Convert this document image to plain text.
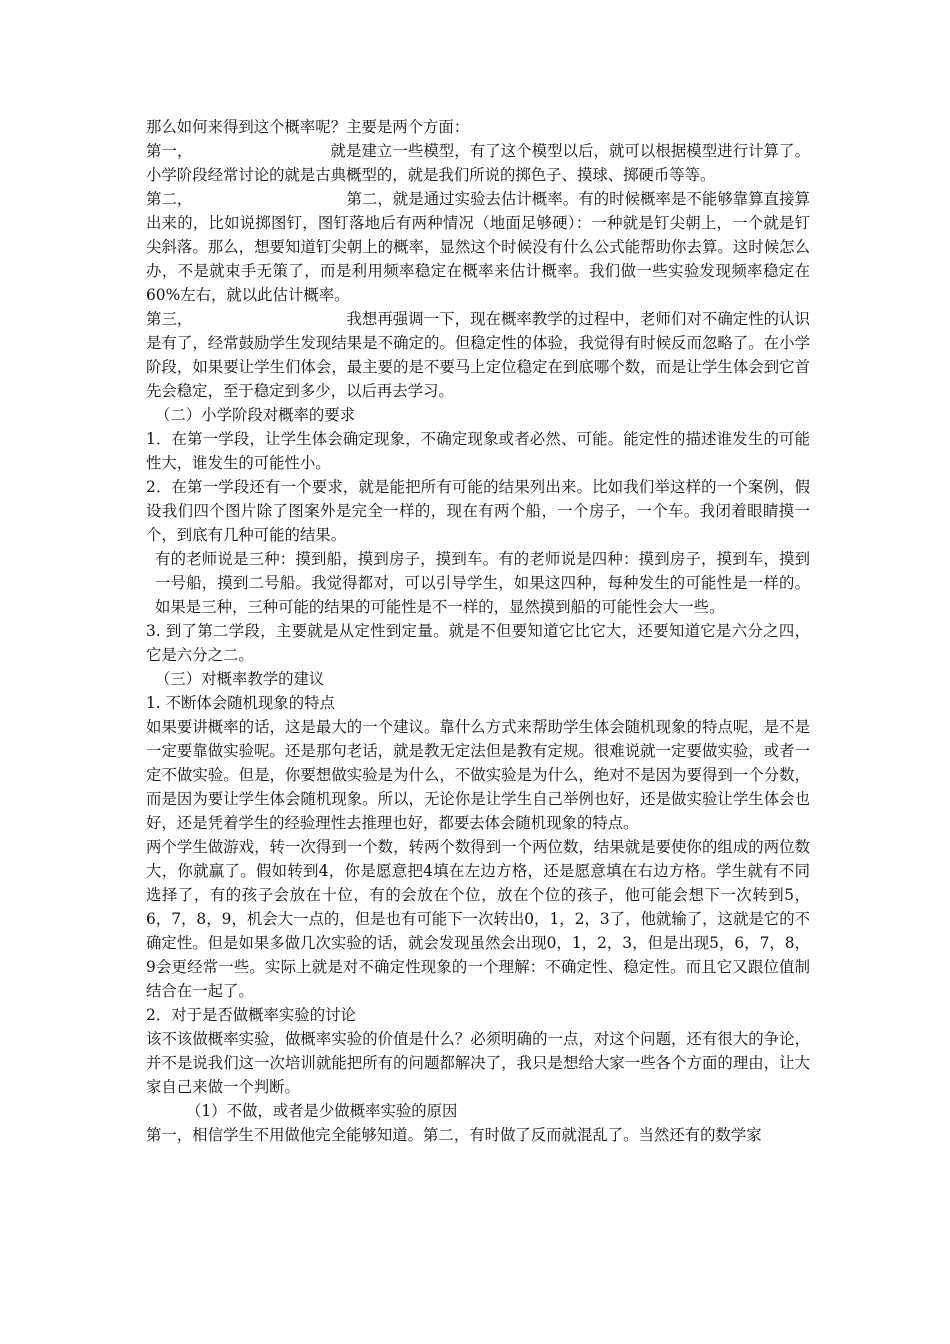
那么如何来得到这个概率呢？主要是两个方面：

第一，	就是建立一些模型，有了这个模型以后，就可以根据模型进行计算了。小学阶段经常讨论的就是古典概型的，就是我们所说的掷色子、摸球、掷硬币等等。

第二，	第二，就是通过实验去估计概率。有的时候概率是不能够靠算直接算出来的，比如说掷图钉，图钉落地后有两种情况（地面足够硬）：一种就是钉尖朝上，一个就是钉尖斜落。那么，想要知道钉尖朝上的概率，显然这个时候没有什么公式能帮助你去算。这时候怎么办，不是就束手无策了，而是利用频率稳定在概率来估计概率。我们做一些实验发现频率稳定在60%左右，就以此估计概率。

第三，	我想再强调一下，现在概率教学的过程中，老师们对不确定性的认识是有了，经常鼓励学生发现结果是不确定的。但稳定性的体验，我觉得有时候反而忽略了。在小学阶段，如果要让学生们体会，最主要的是不要马上定位稳定在到底哪个数，而是让学生体会到它首先会稳定，至于稳定到多少，以后再去学习。

（二）小学阶段对概率的要求

1．在第一学段，让学生体会确定现象，不确定现象或者必然、可能。能定性的描述谁发生的可能性大，谁发生的可能性小。

2．在第一学段还有一个要求，就是能把所有可能的结果列出来。比如我们举这样的一个案例，假设我们四个图片除了图案外是完全一样的，现在有两个船，一个房子，一个车。我闭着眼睛摸一个，到底有几种可能的结果。

有的老师说是三种：摸到船，摸到房子，摸到车。有的老师说是四种：摸到房子，摸到车，摸到一号船，摸到二号船。我觉得都对，可以引导学生，如果这四种，每种发生的可能性是一样的。如果是三种，三种可能的结果的可能性是不一样的，显然摸到船的可能性会大一些。

3. 到了第二学段，主要就是从定性到定量。就是不但要知道它比它大，还要知道它是六分之四，它是六分之二。

（三）对概率教学的建议

1. 不断体会随机现象的特点

如果要讲概率的话，这是最大的一个建议。靠什么方式来帮助学生体会随机现象的特点呢，是不是一定要靠做实验呢。还是那句老话，就是教无定法但是教有定规。很难说就一定要做实验，或者一定不做实验。但是，你要想做实验是为什么，不做实验是为什么，绝对不是因为要得到一个分数，而是因为要让学生体会随机现象。所以，无论你是让学生自己举例也好，还是做实验让学生体会也好，还是凭着学生的经验理性去推理也好，都要去体会随机现象的特点。

两个学生做游戏，转一次得到一个数，转两个数得到一个两位数，结果就是要使你的组成的两位数大，你就赢了。假如转到4，你是愿意把4填在左边方格，还是愿意填在右边方格。学生就有不同选择了，有的孩子会放在十位，有的会放在个位，放在个位的孩子，他可能会想下一次转到5，6，7，8，9，机会大一点的，但是也有可能下一次转出0，1，2，3了，他就输了，这就是它的不确定性。但是如果多做几次实验的话，就会发现虽然会出现0，1，2，3，但是出现5，6，7，8，9会更经常一些。实际上就是对不确定性现象的一个理解：不确定性、稳定性。而且它又跟位值制结合在一起了。

2．对于是否做概率实验的讨论

该不该做概率实验，做概率实验的价值是什么？必须明确的一点，对这个问题，还有很大的争论，并不是说我们这一次培训就能把所有的问题都解决了，我只是想给大家一些各个方面的理由，让大家自己来做一个判断。

（1）不做，或者是少做概率实验的原因

第一，相信学生不用做他完全能够知道。第二，有时做了反而就混乱了。当然还有的数学家
